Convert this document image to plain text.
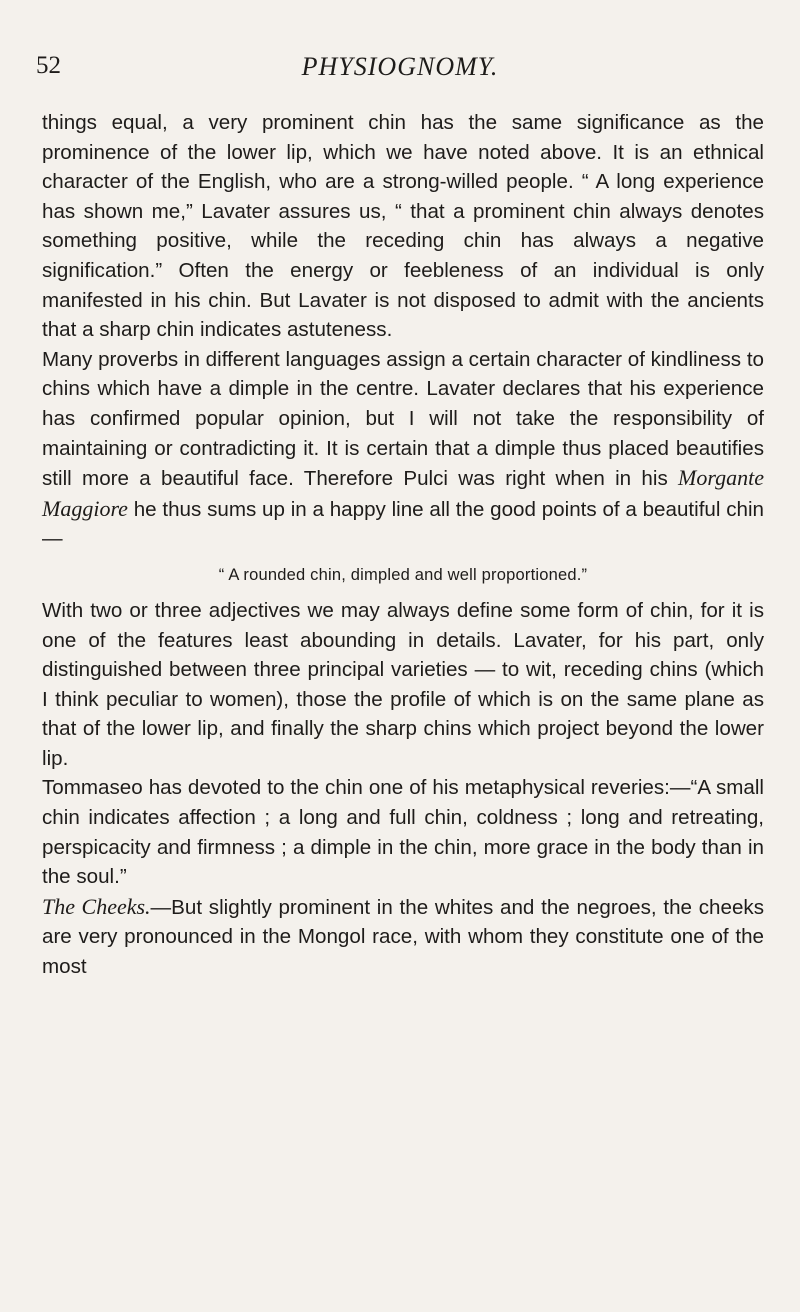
52	PHYSIOGNOMY.

things equal, a very prominent chin has the same significance as the prominence of the lower lip, which we have noted above. It is an ethnical character of the English, who are a strong-willed people. “ A long experience has shown me,” Lavater assures us, “ that a prominent chin always denotes something positive, while the receding chin has always a negative signification.” Often the energy or feebleness of an individual is only manifested in his chin. But Lavater is not disposed to admit with the ancients that a sharp chin indicates astuteness.

Many proverbs in different languages assign a certain character of kindliness to chins which have a dimple in the centre. Lavater declares that his experience has confirmed popular opinion, but I will not take the responsibility of maintaining or contradicting it. It is certain that a dimple thus placed beautifies still more a beautiful face. Therefore Pulci was right when in his Morgante Maggiore he thus sums up in a happy line all the good points of a beautiful chin—

“ A rounded chin, dimpled and well proportioned.”

With two or three adjectives we may always define some form of chin, for it is one of the features least abounding in details. Lavater, for his part, only distinguished between three principal varieties — to wit, receding chins (which I think peculiar to women), those the profile of which is on the same plane as that of the lower lip, and finally the sharp chins which project beyond the lower lip.

Tommaseo has devoted to the chin one of his metaphysical reveries:—“A small chin indicates affection ; a long and full chin, coldness ; long and retreating, perspicacity and firmness ; a dimple in the chin, more grace in the body than in the soul.”

The Cheeks.—But slightly prominent in the whites and the negroes, the cheeks are very pronounced in the Mongol race, with whom they constitute one of the most
